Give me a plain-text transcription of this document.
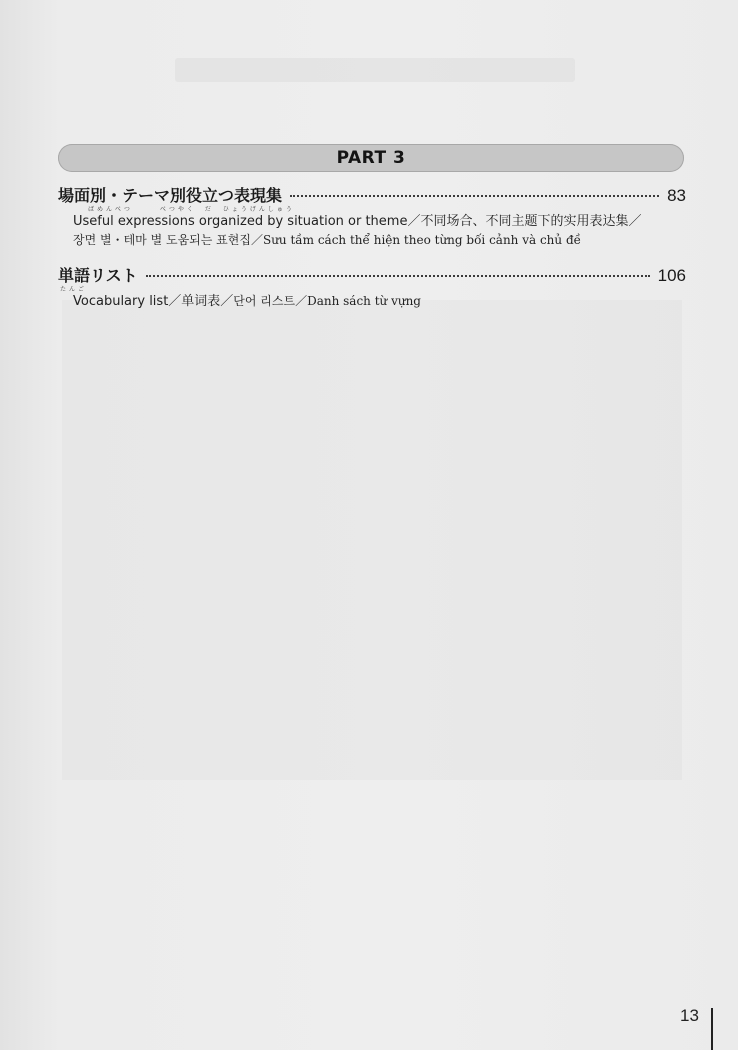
PART 3
場面別・テーマ別役立つ表現集	83
ばめんべつ　　　べつやく　だ　ひょうげんしゅう
Useful expressions organized by situation or theme／不同场合、不同主题下的实用表达集／
장면 별・테마 별 도움되는 표현집／Sưu tầm cách thể hiện theo từng bối cảnh và chủ đề
単語リスト	106
たんご
Vocabulary list／单词表／단어 리스트／Danh sách từ vựng
13
